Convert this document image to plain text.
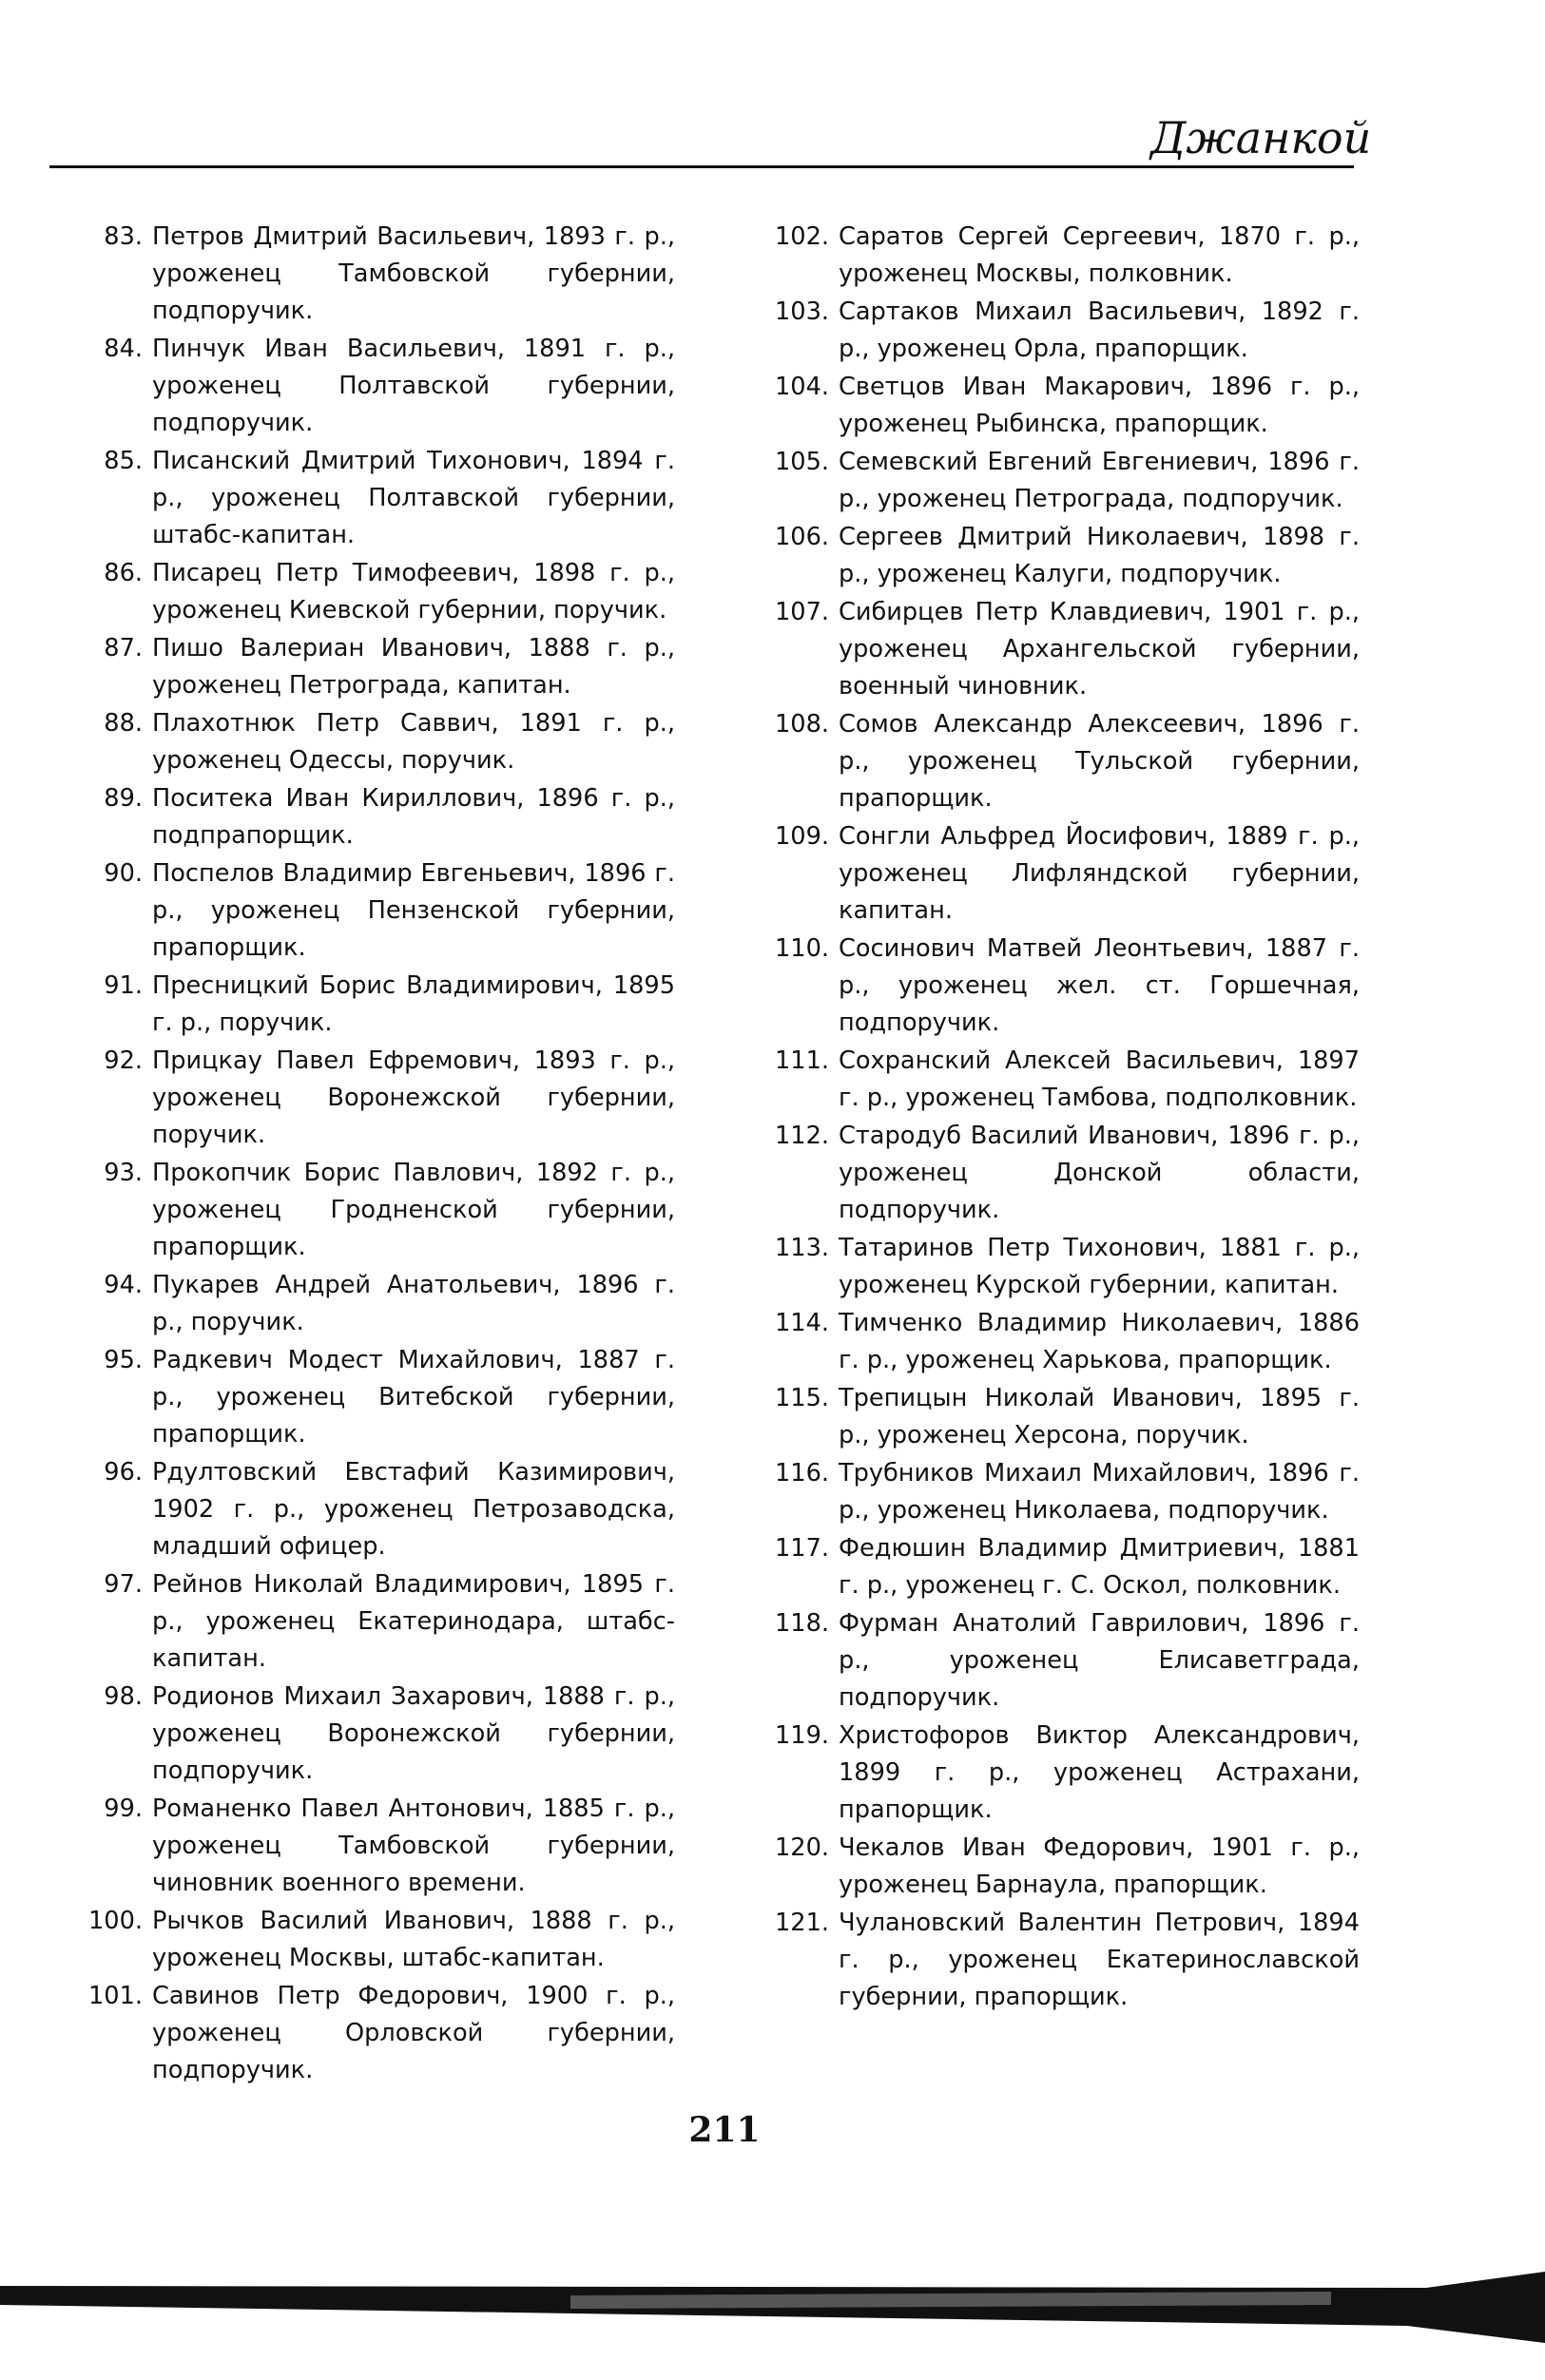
Джанкой
83. Петров Дмитрий Васильевич, 1893 г. р., уроженец Тамбовской губернии, подпоручик.
84. Пинчук Иван Васильевич, 1891 г. р., уроженец Полтавской губернии, подпоручик.
85. Писанский Дмитрий Тихонович, 1894 г. р., уроженец Полтавской губернии, штабс-капитан.
86. Писарец Петр Тимофеевич, 1898 г. р., уроженец Киевской губернии, поручик.
87. Пишо Валериан Иванович, 1888 г. р., уроженец Петрограда, капитан.
88. Плахотнюк Петр Саввич, 1891 г. р., уроженец Одессы, поручик.
89. Поситека Иван Кириллович, 1896 г. р., подпрапорщик.
90. Поспелов Владимир Евгеньевич, 1896 г. р., уроженец Пензенской губернии, прапорщик.
91. Пресницкий Борис Владимирович, 1895 г. р., поручик.
92. Прицкау Павел Ефремович, 1893 г. р., уроженец Воронежской губернии, поручик.
93. Прокопчик Борис Павлович, 1892 г. р., уроженец Гродненской губернии, прапорщик.
94. Пукарев Андрей Анатольевич, 1896 г. р., поручик.
95. Радкевич Модест Михайлович, 1887 г. р., уроженец Витебской губернии, прапорщик.
96. Рдултовский Евстафий Казимирович, 1902 г. р., уроженец Петрозаводска, младший офицер.
97. Рейнов Николай Владимирович, 1895 г. р., уроженец Екатеринодара, штабс-капитан.
98. Родионов Михаил Захарович, 1888 г. р., уроженец Воронежской губернии, подпоручик.
99. Романенко Павел Антонович, 1885 г. р., уроженец Тамбовской губернии, чиновник военного времени.
100. Рычков Василий Иванович, 1888 г. р., уроженец Москвы, штабс-капитан.
101. Савинов Петр Федорович, 1900 г. р., уроженец Орловской губернии, подпоручик.
102. Саратов Сергей Сергеевич, 1870 г. р., уроженец Москвы, полковник.
103. Сартаков Михаил Васильевич, 1892 г. р., уроженец Орла, прапорщик.
104. Светцов Иван Макарович, 1896 г. р., уроженец Рыбинска, прапорщик.
105. Семевский Евгений Евгениевич, 1896 г. р., уроженец Петрограда, подпоручик.
106. Сергеев Дмитрий Николаевич, 1898 г. р., уроженец Калуги, подпоручик.
107. Сибирцев Петр Клавдиевич, 1901 г. р., уроженец Архангельской губернии, военный чиновник.
108. Сомов Александр Алексеевич, 1896 г. р., уроженец Тульской губернии, прапорщик.
109. Сонгли Альфред Йосифович, 1889 г. р., уроженец Лифляндской губернии, капитан.
110. Сосинович Матвей Леонтьевич, 1887 г. р., уроженец жел. ст. Горшечная, подпоручик.
111. Сохранский Алексей Васильевич, 1897 г. р., уроженец Тамбова, подполковник.
112. Стародуб Василий Иванович, 1896 г. р., уроженец Донской области, подпоручик.
113. Татаринов Петр Тихонович, 1881 г. р., уроженец Курской губернии, капитан.
114. Тимченко Владимир Николаевич, 1886 г. р., уроженец Харькова, прапорщик.
115. Трепицын Николай Иванович, 1895 г. р., уроженец Херсона, поручик.
116. Трубников Михаил Михайлович, 1896 г. р., уроженец Николаева, подпоручик.
117. Федюшин Владимир Дмитриевич, 1881 г. р., уроженец г. С. Оскол, полковник.
118. Фурман Анатолий Гаврилович, 1896 г. р., уроженец Елисаветграда, подпоручик.
119. Христофоров Виктор Александрович, 1899 г. р., уроженец Астрахани, прапорщик.
120. Чекалов Иван Федорович, 1901 г. р., уроженец Барнаула, прапорщик.
121. Чулановский Валентин Петрович, 1894 г. р., уроженец Екатеринославской губернии, прапорщик.
211
